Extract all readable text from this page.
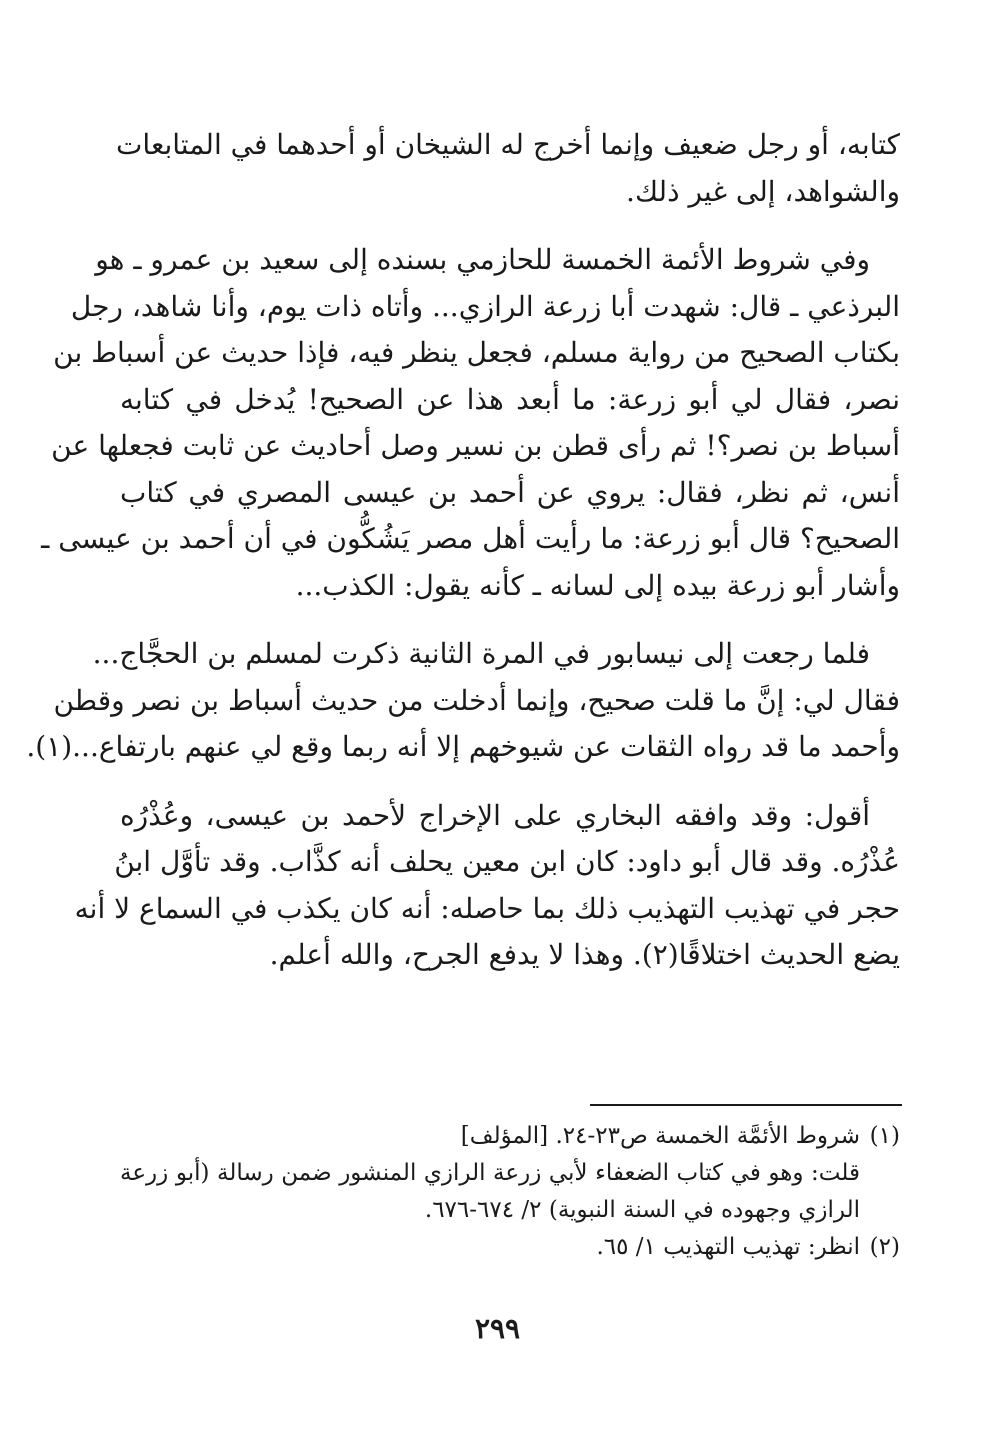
كتابه، أو رجل ضعيف وإنما أخرج له الشيخان أو أحدهما في المتابعات
والشواهد، إلى غير ذلك.

وفي شروط الأئمة الخمسة للحازمي بسنده إلى سعيد بن عمرو ـ هو
البرذعي ـ قال: شهدت أبا زرعة الرازي... وأتاه ذات يوم، وأنا شاهد، رجل
بكتاب الصحيح من رواية مسلم، فجعل ينظر فيه، فإذا حديث عن أسباط بن
نصر، فقال لي أبو زرعة: ما أبعد هذا عن الصحيح! يُدخل في كتابه
أسباط بن نصر؟! ثم رأى قطن بن نسير وصل أحاديث عن ثابت فجعلها عن
أنس، ثم نظر، فقال: يروي عن أحمد بن عيسى المصري في كتاب
الصحيح؟ قال أبو زرعة: ما رأيت أهل مصر يَشُكُّون في أن أحمد بن عيسى ـ
وأشار أبو زرعة بيده إلى لسانه ـ كأنه يقول: الكذب...

فلما رجعت إلى نيسابور في المرة الثانية ذكرت لمسلم بن الحجَّاج...
فقال لي: إنَّ ما قلت صحيح، وإنما أدخلت من حديث أسباط بن نصر وقطن
وأحمد ما قد رواه الثقات عن شيوخهم إلا أنه ربما وقع لي عنهم بارتفاع...(١).

أقول: وقد وافقه البخاري على الإخراج لأحمد بن عيسى، وعُذْرُه
عُذْرُه. وقد قال أبو داود: كان ابن معين يحلف أنه كذَّاب. وقد تأوَّل ابنُ
حجر في تهذيب التهذيب ذلك بما حاصله: أنه كان يكذب في السماع لا أنه
يضع الحديث اختلاقًا(٢). وهذا لا يدفع الجرح، والله أعلم.

(١)شروط الأئمَّة الخمسة ص٢٣-٢٤. [المؤلف]
قلت: وهو في كتاب الضعفاء لأبي زرعة الرازي المنشور ضمن رسالة (أبو زرعة
الرازي وجهوده في السنة النبوية) ٢/ ٦٧٤-٦٧٦.
(٢)انظر: تهذيب التهذيب ١/ ٦٥.
٢٩٩
